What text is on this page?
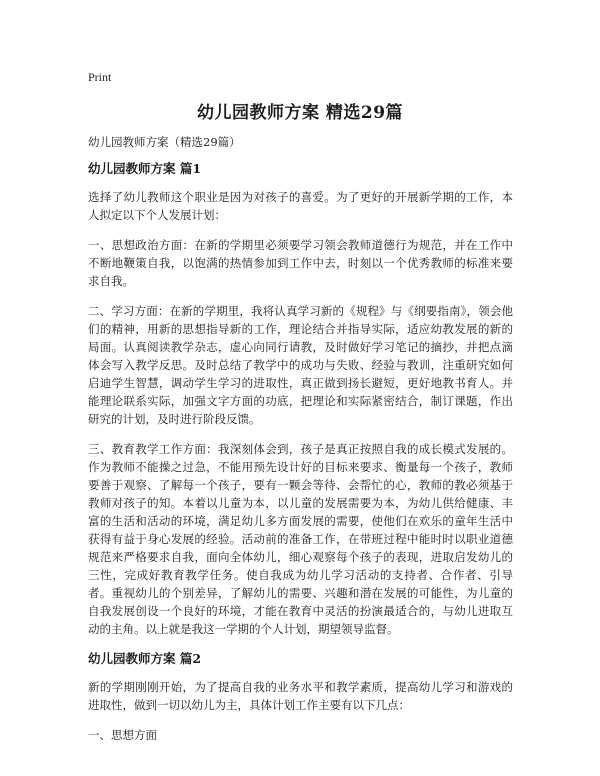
Print
幼儿园教师方案 精选29篇
幼儿园教师方案（精选29篇）
幼儿园教师方案 篇1

选择了幼儿教师这个职业是因为对孩子的喜爱。为了更好的开展新学期的工作，本人拟定以下个人发展计划：

一、思想政治方面：在新的学期里必须要学习领会教师道德行为规范，并在工作中不断地鞭策自我，以饱满的热情参加到工作中去，时刻以一个优秀教师的标准来要求自我。

二、学习方面：在新的学期里，我将认真学习新的《规程》与《纲要指南》，领会他们的精神，用新的思想指导新的工作，理论结合并指导实际，适应幼教发展的新的局面。认真阅读教学杂志，虚心向同行请教，及时做好学习笔记的摘抄，并把点滴体会写入教学反思。及时总结了教学中的成功与失败、经验与教训，注重研究如何启迪学生智慧，调动学生学习的进取性，真正做到扬长避短，更好地教书育人。并能理论联系实际，加强文字方面的功底，把理论和实际紧密结合，制订课题，作出研究的计划，及时进行阶段反馈。

三、教育教学工作方面：我深刻体会到，孩子是真正按照自我的成长模式发展的。作为教师不能操之过急，不能用预先设计好的目标来要求、衡量每一个孩子，教师要善于观察、了解每一个孩子，要有一颗会等待、会帮忙的心，教师的教必须基于教师对孩子的知。本着以儿童为本，以儿童的发展需要为本，为幼儿供给健康、丰富的生活和活动的环境，满足幼儿多方面发展的需要，使他们在欢乐的童年生活中获得有益于身心发展的经验。活动前的准备工作，在带班过程中能时时以职业道德规范来严格要求自我，面向全体幼儿，细心观察每个孩子的表现，进取启发幼儿的三性，完成好教育教学任务。使自我成为幼儿学习活动的支持者、合作者、引导者。重视幼儿的个别差异，了解幼儿的需要、兴趣和潜在发展的可能性，为儿童的自我发展创设一个良好的环境，才能在教育中灵活的扮演最适合的，与幼儿进取互动的主角。以上就是我这一学期的个人计划，期望领导监督。

幼儿园教师方案 篇2

新的学期刚刚开始，为了提高自我的业务水平和教学素质，提高幼儿学习和游戏的进取性，做到一切以幼儿为主，具体计划工作主要有以下几点：

一、思想方面
